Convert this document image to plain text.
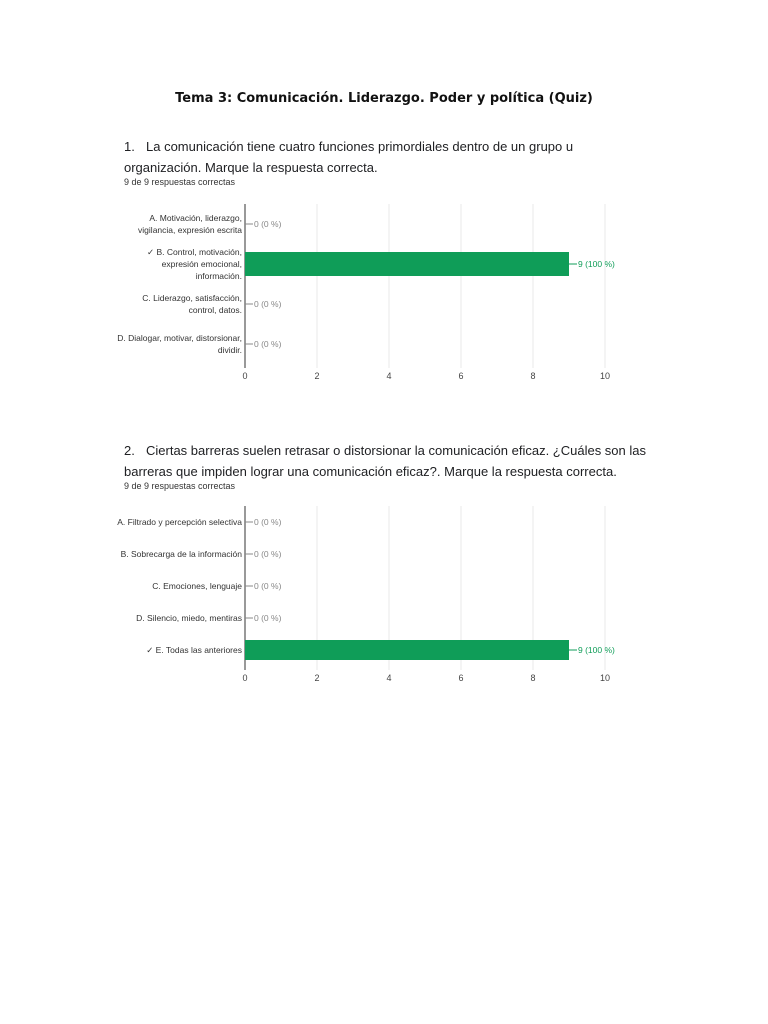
Tema 3: Comunicación. Liderazgo. Poder y política (Quiz)

1. La comunicación tiene cuatro funciones primordiales dentro de un grupo u organización. Marque la respuesta correcta.

9 de 9 respuestas correctas
0	2	4	6	8	10
A. Motivación, liderazgo, vigilancia, expresión escrita
0 (0 %)
✓ B. Control, motivación, expresión emocional, información.
9 (100 %)
C. Liderazgo, satisfacción, control, datos.
0 (0 %)
D. Dialogar, motivar, distorsionar, dividir.
0 (0 %)

2. Ciertas barreras suelen retrasar o distorsionar la comunicación eficaz. ¿Cuáles son las barreras que impiden lograr una comunicación eficaz?. Marque la respuesta correcta.

9 de 9 respuestas correctas
0	2	4	6	8	10
A. Filtrado y percepción selectiva 0 (0 %)
B. Sobrecarga de la información 0 (0 %)
C. Emociones, lenguaje 0 (0 %)
D. Silencio, miedo, mentiras 0 (0 %)
✓ E. Todas las anteriores	9 (100 %)
